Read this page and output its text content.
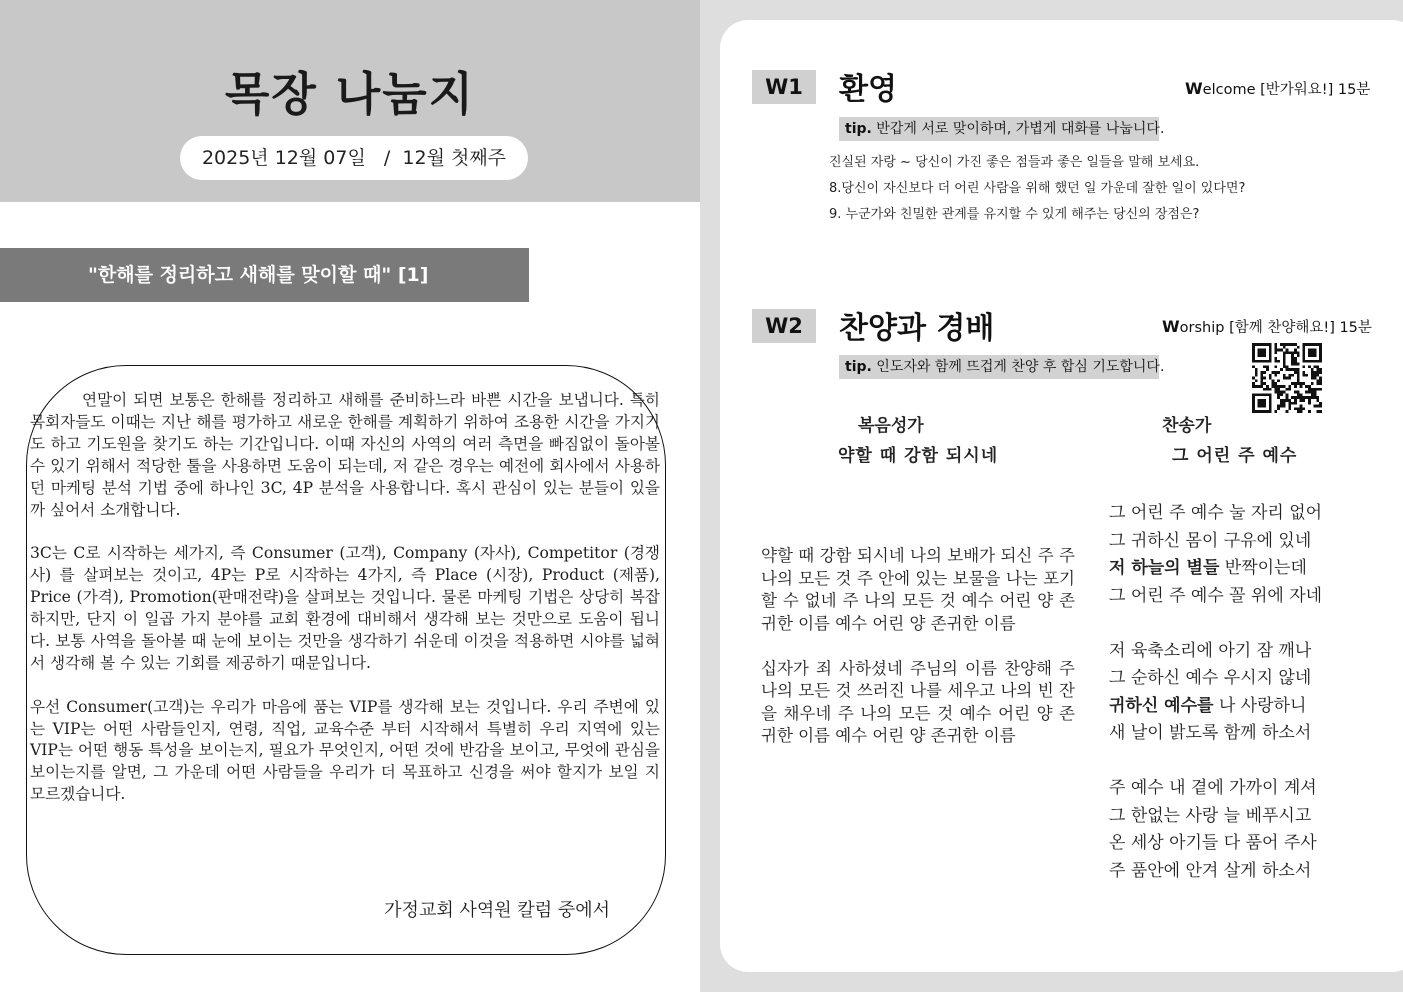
목장 나눔지
2025년 12월 07일   /  12월 첫째주
"한해를 정리하고 새해를 맞이할 때" [1]

연말이 되면 보통은 한해를 정리하고 새해를 준비하느라 바쁜 시간을 보냅니다. 특히 목회자들도 이때는 지난 해를 평가하고 새로운 한해를 계획하기 위하여 조용한 시간을 가지기도 하고 기도원을 찾기도 하는 기간입니다. 이때 자신의 사역의 여러 측면을 빠짐없이 돌아볼 수 있기 위해서 적당한 툴을 사용하면 도움이 되는데, 저 같은 경우는 예전에 회사에서 사용하던 마케팅 분석 기법 중에 하나인 3C, 4P 분석을 사용합니다. 혹시 관심이 있는 분들이 있을까 싶어서 소개합니다.

3C는 C로 시작하는 세가지, 즉 Consumer (고객), Company (자사), Competitor (경쟁사) 를 살펴보는 것이고, 4P는 P로 시작하는 4가지, 즉 Place (시장), Product (제품), Price (가격), Promotion(판매전략)을 살펴보는 것입니다. 물론 마케팅 기법은 상당히 복잡하지만, 단지 이 일곱 가지 분야를 교회 환경에 대비해서 생각해 보는 것만으로 도움이 됩니다. 보통 사역을 돌아볼 때 눈에 보이는 것만을 생각하기 쉬운데 이것을 적용하면 시야를 넓혀서 생각해 볼 수 있는 기회를 제공하기 때문입니다.

우선 Consumer(고객)는 우리가 마음에 품는 VIP를 생각해 보는 것입니다. 우리 주변에 있는 VIP는 어떤 사람들인지, 연령, 직업, 교육수준 부터 시작해서 특별히 우리 지역에 있는 VIP는 어떤 행동 특성을 보이는지, 필요가 무엇인지, 어떤 것에 반감을 보이고, 무엇에 관심을 보이는지를 알면, 그 가운데 어떤 사람들을 우리가 더 목표하고 신경을 써야 할지가 보일 지 모르겠습니다.

가정교회 사역원 칼럼 중에서
W1	환영	Welcome [반가워요!] 15분
tip. 반갑게 서로 맞이하며, 가볍게 대화를 나눕니다.
진실된 자랑 ~ 당신이 가진 좋은 점들과 좋은 일들을 말해 보세요.
8.당신이 자신보다 더 어린 사람을 위해 했던 일 가운데 잘한 일이 있다면?
9. 누군가와 친밀한 관계를 유지할 수 있게 해주는 당신의 장점은?
W2	찬양과 경배	Worship [함께 찬양해요!] 15분
tip. 인도자와 함께 뜨겁게 찬양 후 합심 기도합니다.
복음성가
약할 때 강함 되시네
찬송가
그 어린 주 예수

약할 때 강함 되시네 나의 보배가 되신 주 주 나의 모든 것 주 안에 있는 보물을 나는 포기할 수 없네 주 나의 모든 것 예수 어린 양 존귀한 이름 예수 어린 양 존귀한 이름

십자가 죄 사하셨네 주님의 이름 찬양해 주 나의 모든 것 쓰러진 나를 세우고 나의 빈 잔을 채우네 주 나의 모든 것 예수 어린 양 존귀한 이름 예수 어린 양 존귀한 이름

그 어린 주 예수 눌 자리 없어
그 귀하신 몸이 구유에 있네
저 하늘의 별들 반짝이는데
그 어린 주 예수 꼴 위에 자네
저 육축소리에 아기 잠 깨나
그 순하신 예수 우시지 않네
귀하신 예수를 나 사랑하니
새 날이 밝도록 함께 하소서
주 예수 내 곁에 가까이 계셔
그 한없는 사랑 늘 베푸시고
온 세상 아기들 다 품어 주사
주 품안에 안겨 살게 하소서
